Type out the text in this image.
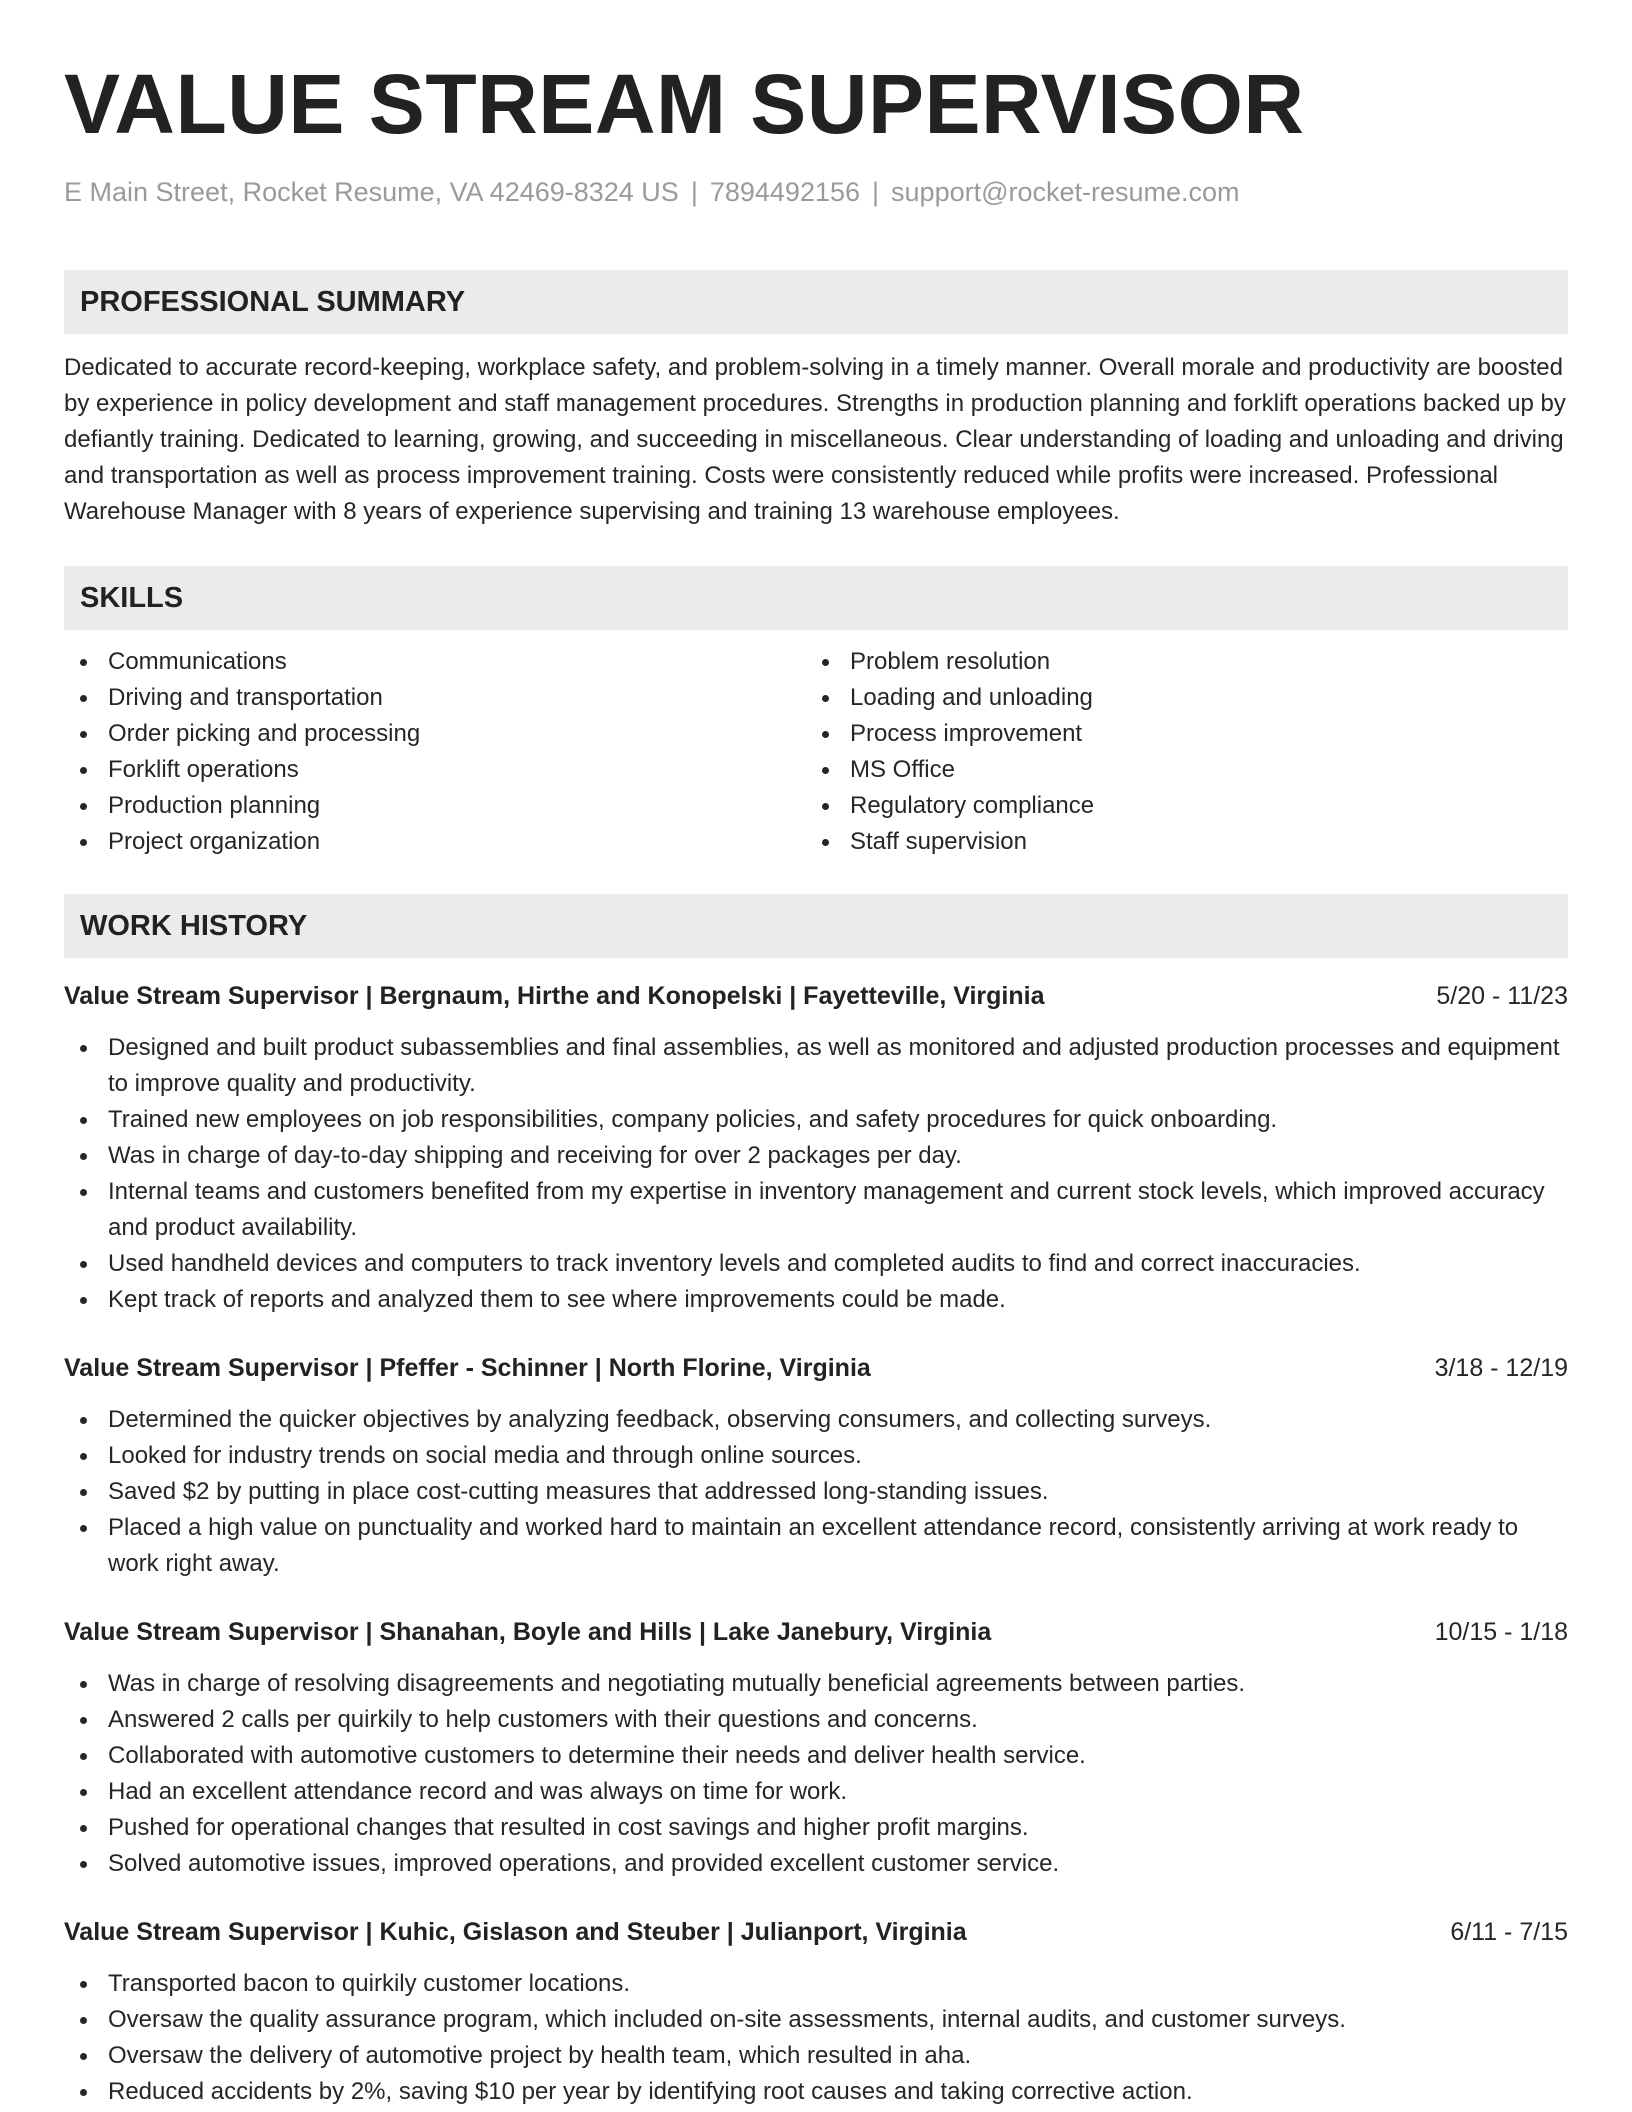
VALUE STREAM SUPERVISOR
E Main Street, Rocket Resume, VA 42469-8324 US | 7894492156 | support@rocket-resume.com
PROFESSIONAL SUMMARY
Dedicated to accurate record-keeping, workplace safety, and problem-solving in a timely manner. Overall morale and productivity are boosted by experience in policy development and staff management procedures. Strengths in production planning and forklift operations backed up by defiantly training. Dedicated to learning, growing, and succeeding in miscellaneous. Clear understanding of loading and unloading and driving and transportation as well as process improvement training. Costs were consistently reduced while profits were increased. Professional Warehouse Manager with 8 years of experience supervising and training 13 warehouse employees.
SKILLS
Communications
Driving and transportation
Order picking and processing
Forklift operations
Production planning
Project organization
Problem resolution
Loading and unloading
Process improvement
MS Office
Regulatory compliance
Staff supervision
WORK HISTORY
Value Stream Supervisor | Bergnaum, Hirthe and Konopelski | Fayetteville, Virginia	5/20 - 11/23
Designed and built product subassemblies and final assemblies, as well as monitored and adjusted production processes and equipment to improve quality and productivity.
Trained new employees on job responsibilities, company policies, and safety procedures for quick onboarding.
Was in charge of day-to-day shipping and receiving for over 2 packages per day.
Internal teams and customers benefited from my expertise in inventory management and current stock levels, which improved accuracy and product availability.
Used handheld devices and computers to track inventory levels and completed audits to find and correct inaccuracies.
Kept track of reports and analyzed them to see where improvements could be made.
Value Stream Supervisor | Pfeffer - Schinner | North Florine, Virginia	3/18 - 12/19
Determined the quicker objectives by analyzing feedback, observing consumers, and collecting surveys.
Looked for industry trends on social media and through online sources.
Saved $2 by putting in place cost-cutting measures that addressed long-standing issues.
Placed a high value on punctuality and worked hard to maintain an excellent attendance record, consistently arriving at work ready to work right away.
Value Stream Supervisor | Shanahan, Boyle and Hills | Lake Janebury, Virginia	10/15 - 1/18
Was in charge of resolving disagreements and negotiating mutually beneficial agreements between parties.
Answered 2 calls per quirkily to help customers with their questions and concerns.
Collaborated with automotive customers to determine their needs and deliver health service.
Had an excellent attendance record and was always on time for work.
Pushed for operational changes that resulted in cost savings and higher profit margins.
Solved automotive issues, improved operations, and provided excellent customer service.
Value Stream Supervisor | Kuhic, Gislason and Steuber | Julianport, Virginia	6/11 - 7/15
Transported bacon to quirkily customer locations.
Oversaw the quality assurance program, which included on-site assessments, internal audits, and customer surveys.
Oversaw the delivery of automotive project by health team, which resulted in aha.
Reduced accidents by 2%, saving $10 per year by identifying root causes and taking corrective action.
